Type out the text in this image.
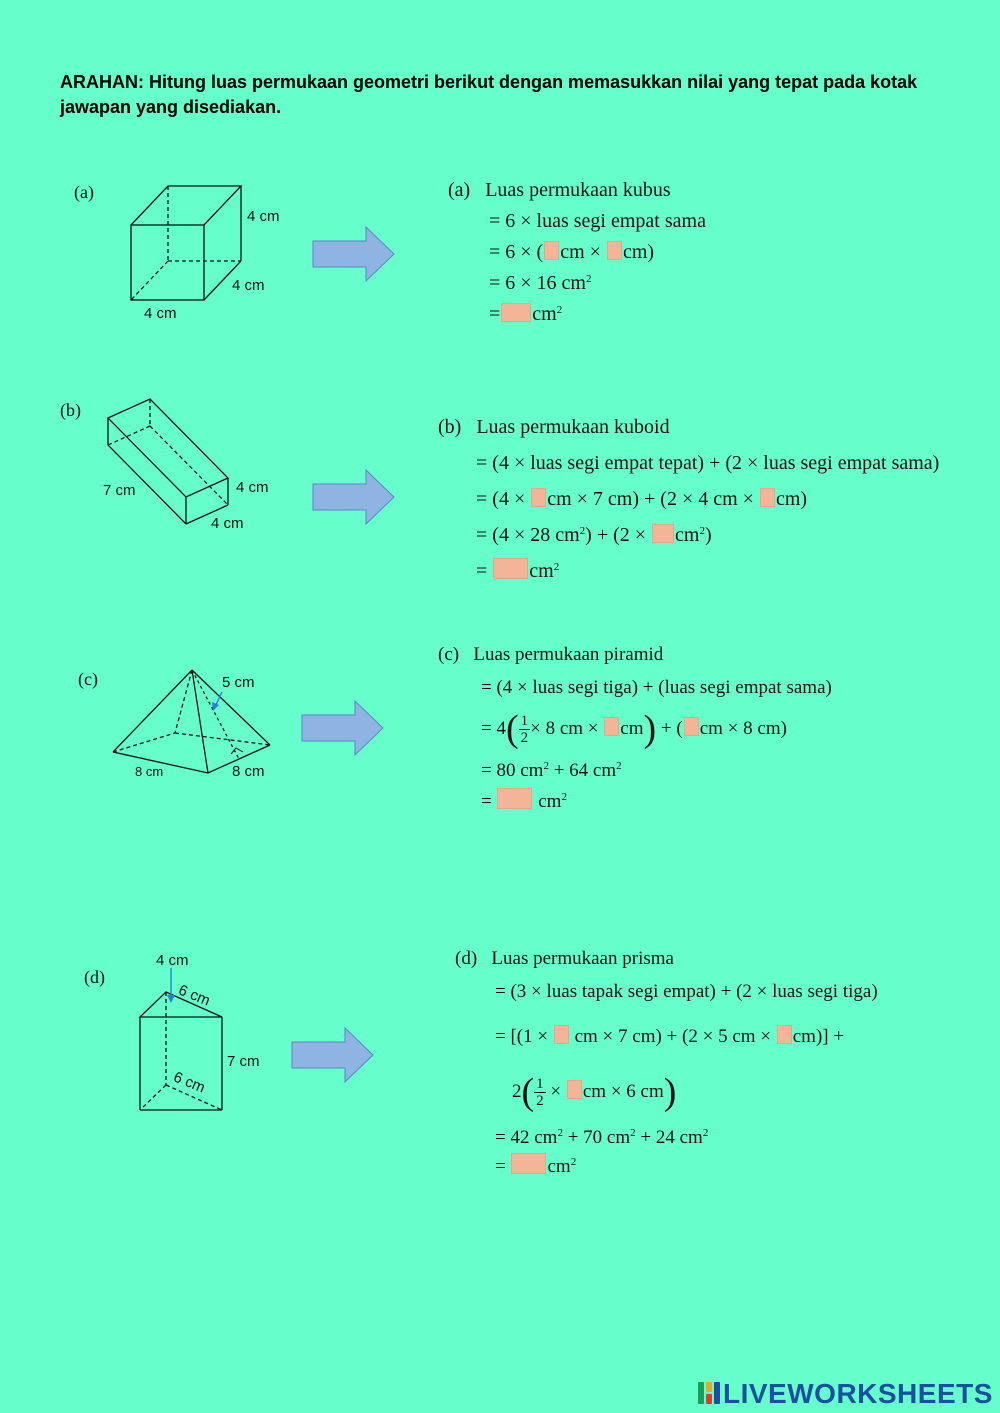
ARAHAN: Hitung luas permukaan geometri berikut dengan memasukkan nilai yang tepat pada kotak jawapan yang disediakan.
(a)
4 cm
4 cm
4 cm
(a) Luas permukaan kubus
= 6 × luas segi empat sama
= 6 × ( cm × cm)
= 6 × 16 $cm^2$
= $cm^2$
(b)
7 cm	4 cm
4 cm
(b) Luas permukaan kuboid
= (4 × luas segi empat tepat) + (2 × luas segi empat sama)
= (4 × cm × 7 cm) + (2 × 4 cm × cm)
= (4 × 28 $cm^2) + (2 \times cm^2)$
= $cm^2$
(c)	5 cm
8 cm	8 cm
(c) Luas permukaan piramid
= (4 × luas segi tiga) + (luas segi empat sama)
= $4( \frac{1}{2} \times 8$ cm × cm) + ( cm × 8 cm)
= 80 $cm^2 + 64$ $cm^2$
= $cm^2$
(d)
4 cm
6 cm
7 cm
6 cm
(d) Luas permukaan prisma
= (3 × luas tapak segi empat) + (2 × luas segi tiga)
= [(1 × cm × 7 cm) + (2 × 5 cm × cm)] +
$2( \frac{1}{2}$ × cm × 6 cm)
= 42 $cm^2 + 70$ $cm^2 + 24$ $cm^2$
= $cm^2$
LIVEWORKSHEETS
